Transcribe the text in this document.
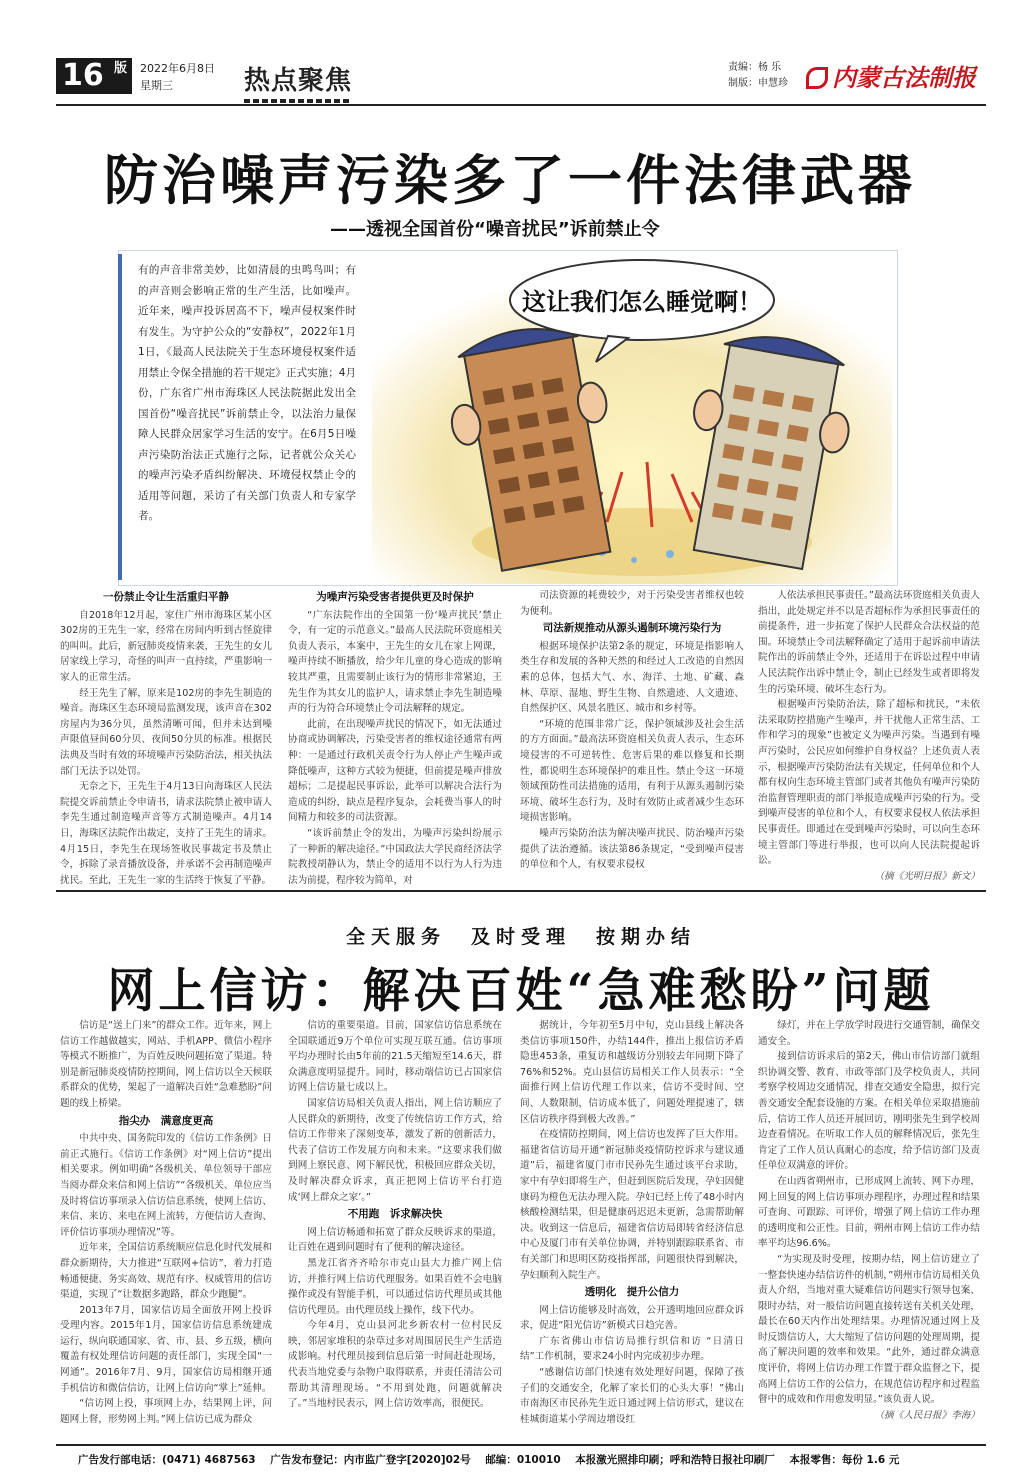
16 版 2022年6月8日
星期三	热点聚焦	责编：杨 乐
制版：申慧珍	内蒙古法制报
防治噪声污染多了一件法律武器
——透视全国首份“噪音扰民”诉前禁止令
有的声音非常美妙，比如清晨的虫鸣鸟叫；有的声音则会影响正常的生产生活，比如噪声。近年来，噪声投诉居高不下，噪声侵权案件时有发生。为守护公众的“安静权”，2022年1月1日，《最高人民法院关于生态环境侵权案件适用禁止令保全措施的若干规定》正式实施；4月份，广东省广州市海珠区人民法院据此发出全国首份“噪音扰民”诉前禁止令，以法治力量保障人民群众居家学习生活的安宁。在6月5日噪声污染防治法正式施行之际，记者就公众关心的噪声污染矛盾纠纷解决、环境侵权禁止令的适用等问题，采访了有关部门负责人和专家学者。
这让我们怎么睡觉啊！
一份禁止令让生活重归平静

自2018年12月起，家住广州市海珠区某小区302房的王先生一家，经常在房间内听到古怪旋律的叫叫。此后，新冠肺炎疫情来袭，王先生的女儿居家线上学习，奇怪的叫声一直持续，严重影响一家人的正常生活。

经王先生了解，原来是102房的李先生制造的噪音。海珠区生态环境局监测发现，该声音在302房屋内为36分贝，虽然清晰可闻，但并未达到噪声限值昼间60分贝、夜间50分贝的标准。根据民法典及当时有效的环境噪声污染防治法，相关执法部门无法予以处罚。

无奈之下，王先生于4月13日向海珠区人民法院提交诉前禁止令申请书，请求法院禁止被申请人李先生通过制造噪声音等方式制造噪声。4月14日，海珠区法院作出裁定，支持了王先生的请求。4月15日，李先生在现场签收民事裁定书及禁止令，拆除了录音播放设备，并承诺不会再制造噪声扰民。至此，王先生一家的生活终于恢复了平静。

为噪声污染受害者提供更及时保护

“广东法院作出的全国第一份‘噪声扰民’禁止令，有一定的示范意义。”最高人民法院环资庭相关负责人表示，本案中，王先生的女儿在家上网课，噪声持续不断播放，给少年儿童的身心造成的影响较其严重，且需要制止该行为的情形非常紧迫，王先生作为其女儿的监护人，请求禁止李先生制造噪声的行为符合环境禁止令司法解释的规定。

此前，在出现噪声扰民的情况下，如无法通过协商或协调解决，污染受害者的维权途径通常有两种：一是通过行政机关责令行为人停止产生噪声或降低噪声，这种方式较为便捷，但前提是噪声排放超标；二是提起民事诉讼，此举可以解决合法行为造成的纠纷，缺点是程序复杂，会耗费当事人的时间精力和较多的司法资源。

“该诉前禁止令的发出，为噪声污染纠纷展示了一种新的解决途径。”中国政法大学民商经济法学院教授胡静认为，禁止令的适用不以行为人行为违法为前提，程序较为简单，对

司法资源的耗费较少，对于污染受害者维权也较为便利。

司法新规推动从源头遏制环境污染行为

根据环境保护法第2条的规定，环境是指影响人类生存和发展的各种天然的和经过人工改造的自然因素的总体，包括大气、水、海洋、土地、矿藏、森林、草原、湿地、野生生物、自然遗迹、人文遗迹、自然保护区、风景名胜区、城市和乡村等。

“环境的范围非常广泛，保护领域涉及社会生活的方方面面。”最高法环资庭相关负责人表示，生态环境侵害的不可逆转性、危害后果的难以修复和长期性，都说明生态环境保护的难且性。禁止令这一环境领域预防性司法措施的适用，有利于从源头遏制污染环境、破坏生态行为，及时有效防止或者减少生态环境损害影响。

噪声污染防治法为解决噪声扰民、防治噪声污染提供了法治遵循。该法第86条规定，“受到噪声侵害的单位和个人，有权要求侵权

人依法承担民事责任。”最高法环资庭相关负责人指出，此处规定并不以是否超标作为承担民事责任的前提条件，进一步拓宽了保护人民群众合法权益的范围。环境禁止令司法解释确定了适用于起诉前申请法院作出的诉前禁止令外，还适用于在诉讼过程中申请人民法院作出诉中禁止令，制止已经发生或者即将发生的污染环境、破坏生态行为。

根据噪声污染防治法，除了超标和扰民，“未依法采取防控措施产生噪声，并干扰他人正常生活、工作和学习的现象”也被定义为噪声污染。当遇到有噪声污染时，公民应如何维护自身权益？上述负责人表示，根据噪声污染防治法有关规定，任何单位和个人都有权向生态环境主管部门或者其他负有噪声污染防治监督管理职责的部门举报造成噪声污染的行为。受到噪声侵害的单位和个人，有权要求侵权人依法承担民事责任。即通过在受到噪声污染时，可以向生态环境主管部门等进行举报，也可以向人民法院提起诉讼。

（摘《光明日报》新文）
全天服务　及时受理　按期办结
网上信访：解决百姓“急难愁盼”问题

信访是“送上门来”的群众工作。近年来，网上信访工作越做越实，网站、手机APP、微信小程序等模式不断推广，为百姓反映问题拓宽了渠道。特别是新冠肺炎疫情防控期间，网上信访以全天候联系群众的优势，架起了一道解决百姓“急难愁盼”问题的线上桥梁。

指尖办　满意度更高

中共中央、国务院印发的《信访工作条例》日前正式施行。《信访工作条例》对“网上信访”提出相关要求。例如明确“各级机关、单位领导干部应当阅办群众来信和网上信访”“各级机关、单位应当及时将信访事项录入信访信息系统，使网上信访、来信、来访、来电在网上流转，方便信访人查询、评价信访事项办理情况”等。

近年来，全国信访系统顺应信息化时代发展和群众新期待，大力推进“互联网+信访”，着力打造畅通便捷、务实高效、规范有序、权威管用的信访渠道，实现了“让数据多跑路，群众少跑腿”。

2013年7月，国家信访局全面放开网上投诉受理内容。2015年1月，国家信访信息系统建成运行，纵向联通国家、省、市、县、乡五级，横向覆盖有权处理信访问题的责任部门，实现全国“一网通”。2016年7月、9月，国家信访局相继开通手机信访和微信信访，让网上信访向“掌上”延伸。

“信访网上投，事项网上办，结果网上评，问题网上督，形势网上判。”网上信访已成为群众

信访的重要渠道。目前，国家信访信息系统在全国联通近9万个单位可实现互联互通。信访事项平均办理时长由5年前的21.5天缩短至14.6天，群众满意度明显提升。同时，移动端信访已占国家信访网上信访量七成以上。

国家信访局相关负责人指出，网上信访顺应了人民群众的新期待，改变了传统信访工作方式，给信访工作带来了深刻变革，激发了新的创新活力，代表了信访工作发展方向和未来。“这要求我们做到网上察民意、网下解民忧，积极回应群众关切，及时解决群众诉求，真正把网上信访平台打造成‘网上群众之家’。”

不用跑　诉求解决快

网上信访畅通和拓宽了群众反映诉求的渠道，让百姓在遇到问题时有了便利的解决途径。

黑龙江省齐齐哈尔市克山县大力推广网上信访，并推行网上信访代理服务。如果百姓不会电脑操作或没有智能手机，可以通过信访代理员或其他信访代理员。由代理员线上操作，线下代办。

今年4月，克山县河北乡新农村一位村民反映，邻居家堆积的杂草过多对周围居民生产生活造成影响。村代理员接到信息后第一时间赶赴现场，代表当地党委与杂物户取得联系，并责任清洁公司帮助其清理现场。“不用到处跑，问题就解决了。”当地村民表示，网上信访效率高，很便民。

据统计，今年初至5月中旬，克山县线上解决各类信访事项150件，办结144件，推出上报信访矛盾隐患453条，重复访和越级访分别较去年同期下降了76%和52%。克山县信访局相关工作人员表示：“全面推行网上信访代理工作以来，信访不受时间、空间、人数限制，信访成本低了，问题处理提速了，辖区信访秩序得到极大改善。”

在疫情防控期间，网上信访也发挥了巨大作用。福建省信访局开通“新冠肺炎疫情防控诉求与建议通道”后，福建省厦门市市民孙先生通过该平台求助，家中有孕妇即将生产，但赶到医院后发现，孕妇因健康码为橙色无法办理入院。孕妇已经上传了48小时内核酸检测结果，但是健康码迟迟未更新，急需帮助解决。收到这一信息后，福建省信访局即转省经济信息中心及厦门市有关单位协调，并特别跟踪联系省、市有关部门和思明区防疫指挥部，问题很快得到解决，孕妇顺利入院生产。

透明化　提升公信力

网上信访能够及时高效，公开透明地回应群众诉求，促进“阳光信访”新模式日趋完善。

广东省佛山市信访局推行织信和访 “日清日结”工作机制，要求24小时内完成初步办理。

“感谢信访部门快速有效处理好问题，保障了孩子们的交通安全，化解了家长们的心头大事！”佛山市南海区市民孙先生近日通过网上信访形式，建议在桂城街道某小学周边增设红

绿灯，并在上学放学时段进行交通管制，确保交通安全。

接到信访诉求后的第2天，佛山市信访部门就组织协调交警、教育、市政等部门及学校负责人，共同考察学校周边交通情况，排查交通安全隐患，拟行完善交通安全配套设施的方案。在相关单位采取措施前后，信访工作人员还开展回访，刚明张先生到学校周边查看情况。在听取工作人员的解释情况后，张先生肯定了工作人员认真耐心的态度，给予信访部门及责任单位双满意的评价。

在山西省朔州市，已形成网上流转、网下办理，网上回复的网上信访事项办理程序，办理过程和结果可查询、可跟踪、可评价，增强了网上信访工作办理的透明度和公正性。目前，朔州市网上信访工作办结率平均达96.6%。

“为实现及时受理，按期办结，网上信访建立了一整套快速办结信访件的机制，”朔州市信访局相关负责人介绍，当地对重大疑难信访问题实行领导包案、限时办结，对一般信访问题直接转送有关机关处理，最长在60天内作出处理结果。办理情况通过网上及时反馈信访人，大大缩短了信访问题的处理周期，提高了解决问题的效率和效果。“此外，通过群众满意度评价，将网上信访办理工作置于群众监督之下，提高网上信访工作的公信力，在规范信访程序和过程监督中的成效和作用愈发明显。”该负责人说。

（摘《人民日报》李海）
广告发行部电话：(0471) 4687563 广告发布登记：内市监广登字[2020]02号 邮编：010010 本报激光照排印刷；呼和浩特日报社印刷厂 本报零售：每份 1.6 元
